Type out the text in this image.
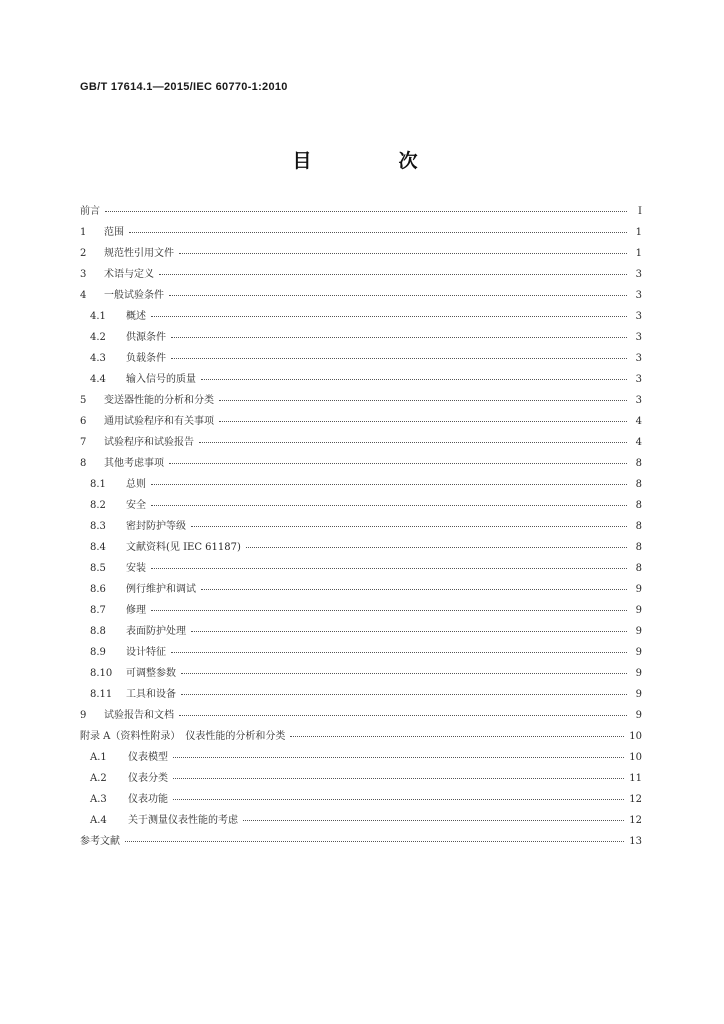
GB/T 17614.1—2015/IEC 60770-1:2010
目　次
前言	Ⅰ
1	范围	1
2	规范性引用文件	1
3	术语与定义	3
4	一般试验条件	3
4.1	概述	3
4.2	供源条件	3
4.3	负载条件	3
4.4	输入信号的质量	3
5	变送器性能的分析和分类	3
6	通用试验程序和有关事项	4
7	试验程序和试验报告	4
8	其他考虑事项	8
8.1	总则	8
8.2	安全	8
8.3	密封防护等级	8
8.4	文献资料(见 IEC 61187)	8
8.5	安装	8
8.6	例行维护和调试	9
8.7	修理	9
8.8	表面防护处理	9
8.9	设计特征	9
8.10 可调整参数	9
8.11 工具和设备	9
9	试验报告和文档	9
附录 A（资料性附录）　仪表性能的分析和分类	10
A.1	仪表模型	10
A.2	仪表分类	11
A.3	仪表功能	12
A.4	关于测量仪表性能的考虑	12
参考文献	13
